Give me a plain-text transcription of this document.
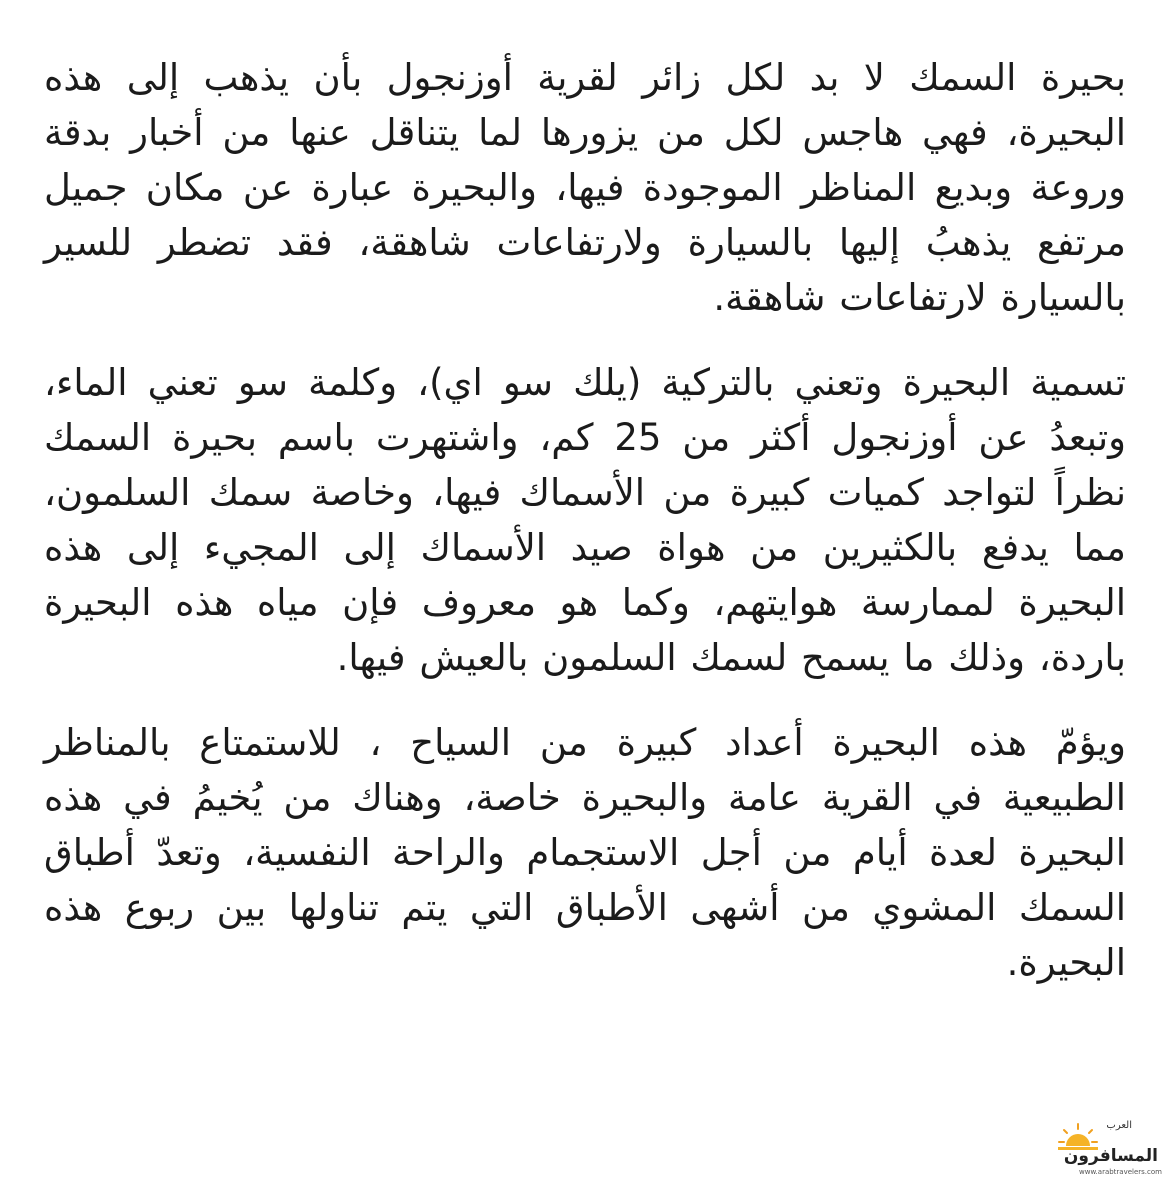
بحيرة السمك لا بد لكل زائر لقرية أوزنجول بأن يذهب إلى هذه البحيرة، فهي هاجس لكل من يزورها لما يتناقل عنها من أخبار بدقة وروعة وبديع المناظر الموجودة فيها، والبحيرة عبارة عن مكان جميل مرتفع يذهبُ إليها بالسيارة ولارتفاعات شاهقة، فقد تضطر للسير بالسيارة لارتفاعات شاهقة.

تسمية البحيرة وتعني بالتركية (يلك سو اي)، وكلمة سو تعني الماء، وتبعدُ عن أوزنجول أكثر من 25 كم، واشتهرت باسم بحيرة السمك نظراً لتواجد كميات كبيرة من الأسماك فيها، وخاصة سمك السلمون، مما يدفع بالكثيرين من هواة صيد الأسماك إلى المجيء إلى هذه البحيرة لممارسة هوايتهم، وكما هو معروف فإن مياه هذه البحيرة باردة، وذلك ما يسمح لسمك السلمون بالعيش فيها.

ويؤمّ هذه البحيرة أعداد كبيرة من السياح ، للاستمتاع بالمناظر الطبيعية في القرية عامة والبحيرة خاصة، وهناك من يُخيمُ في هذه البحيرة لعدة أيام من أجل الاستجمام والراحة النفسية، وتعدّ أطباق السمك المشوي من أشهى الأطباق التي يتم تناولها بين ربوع هذه البحيرة.

العرب
المسافرون
www.arabtravelers.com
